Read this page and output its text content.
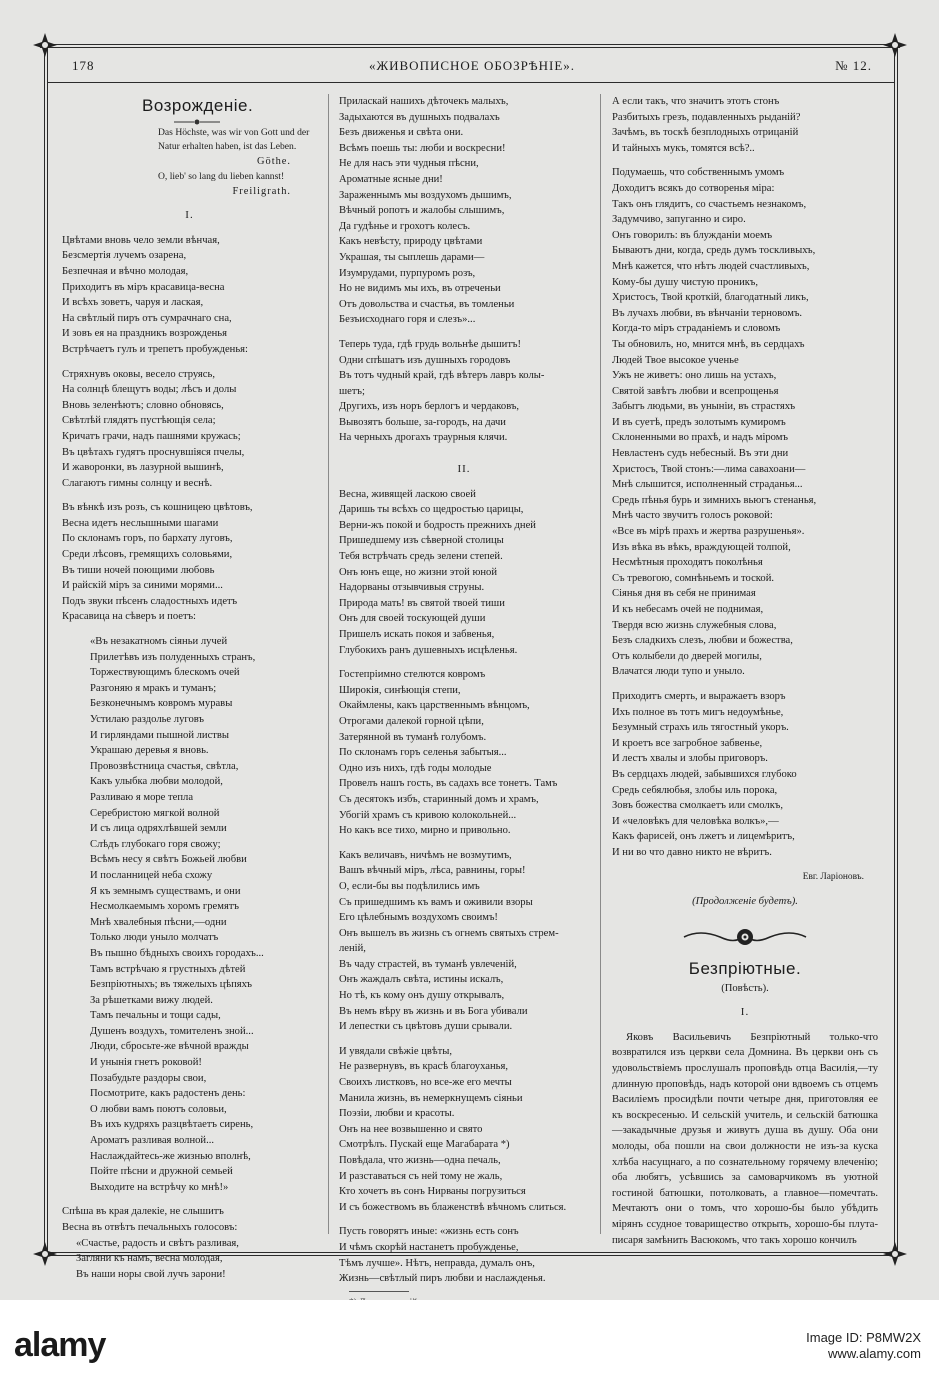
178	«ЖИВОПИСНОЕ ОБОЗРѢНІЕ».	№ 12.
Возрожденіе.
Das Höchste, was wir von Gott und der Natur erhalten haben, ist das Leben.
Göthe.
O, lieb' so lang du lieben kannst!
Freiligrath.
I.
Цвѣтами вновь чело земли вѣнчая,
Безсмертія лучемъ озарена,
Безпечная и вѣчно молодая,
Приходитъ въ міръ красавица-весна
И всѣхъ зоветъ, чаруя и лаская,
На свѣтлый пиръ отъ сумрачнаго сна,
И зовъ ея на праздникъ возрожденья
Встрѣчаетъ гулъ и трепетъ пробужденья:
Стряхнувъ оковы, весело струясь,
На солнцѣ блещутъ воды; лѣсъ и долы
Вновь зеленѣютъ; словно обновясь,
Свѣтлѣй глядятъ пустѣющія села;
Кричатъ грачи, надъ пашнями кружась;
Въ цвѣтахъ гудятъ проснувшіяся пчелы,
И жаворонки, въ лазурной вышинѣ,
Слагаютъ гимны солнцу и веснѣ.
Въ вѣнкѣ изъ розъ, съ кошницею цвѣтовъ,
Весна идетъ неслышными шагами
По склонамъ горъ, по бархату луговъ,
Среди лѣсовъ, гремящихъ соловьями,
Въ тиши ночей поющими любовь
И райскій міръ за синими морями...
Подъ звуки пѣсенъ сладостныхъ идетъ
Красавица на сѣверъ и поетъ:
«Въ незакатномъ сіяньи лучей
Прилетѣвъ изъ полуденныхъ странъ,
Торжествующимъ блескомъ очей
Разгоняю я мракъ и туманъ;
Безконечнымъ ковромъ муравы
Устилаю раздолье луговъ
И гирляндами пышной листвы
Украшаю деревья я вновь.
Провозвѣстница счастья, свѣтла,
Какъ улыбка любви молодой,
Разливаю я море тепла
Серебристою мягкой волной
И съ лица одряхлѣвшей земли
Слѣдъ глубокаго горя свожу;
Всѣмъ несу я свѣтъ Божьей любви
И посланницей неба схожу
Я къ земнымъ существамъ, и они
Несмолкаемымъ хоромъ гремятъ
Мнѣ хвалебныя пѣсни,—одни
Только люди уныло молчатъ
Въ пышно бѣдныхъ своихъ городахъ...
Тамъ встрѣчаю я грустныхъ дѣтей
Безпріютныхъ; въ тяжелыхъ цѣпяхъ
За рѣшетками вижу людей.
Тамъ печальны и тощи сады,
Душенъ воздухъ, томителенъ зной...
Люди, сбросьте-же вѣчной вражды
И унынія гнетъ роковой!
Позабудьте раздоры свои,
Посмотрите, какъ радостенъ день:
О любви вамъ поютъ соловьи,
Въ ихъ кудряхъ разцвѣтаетъ сирень,
Ароматъ разливая волной...
Наслаждайтесь-же жизнью вполнѣ,
Пойте пѣсни и дружной семьей
Выходите на встрѣчу ко мнѣ!»
Спѣша въ края далекіе, не слышитъ
Весна въ отвѣтъ печальныхъ голосовъ:
«Счастье, радость и свѣтъ разливая,
Загляни къ намъ, весна молодая,
Въ наши норы свой лучъ зарони!
Приласкай нашихъ дѣточекъ малыхъ,
Задыхаются въ душныхъ подвалахъ
Безъ движенья и свѣта они.
Всѣмъ поешь ты: люби и воскресни!
Не для насъ эти чудныя пѣсни,
Ароматные ясные дни!
Зараженнымъ мы воздухомъ дышимъ,
Вѣчный ропотъ и жалобы слышимъ,
Да гудѣнье и грохотъ колесъ.
Какъ невѣсту, природу цвѣтами
Украшая, ты сыплешь дарами—
Изумрудами, пурпуромъ розъ,
Но не видимъ мы ихъ, въ отреченьи
Отъ довольства и счастья, въ томленьи
Безъисходнаго горя и слезъ»...
Теперь туда, гдѣ грудь вольнѣе дышитъ!
Одни спѣшатъ изъ душныхъ городовъ
Въ тотъ чудный край, гдѣ вѣтеръ лавръ колы-
шетъ;
Другихъ, изъ норъ берлогъ и чердаковъ,
Вывозятъ больше, за-городъ, на дачи
На черныхъ дрогахъ траурныя клячи.
II.
Весна, живящей ласкою своей
Даришь ты всѣхъ со щедростью царицы,
Верни-жъ покой и бодрость прежнихъ дней
Пришедшему изъ сѣверной столицы
Тебя встрѣчать средь зелени степей.
Онъ юнъ еще, но жизни этой юной
Надорваны отзывчивыя струны.
Природа мать! въ святой твоей тиши
Онъ для своей тоскующей души
Пришелъ искать покоя и забвенья,
Глубокихъ ранъ душевныхъ исцѣленья.
Гостепріимно стелются ковромъ
Широкія, синѣющія степи,
Окаймлены, какъ царственнымъ вѣнцомъ,
Отрогами далекой горной цѣпи,
Затерянной въ туманѣ голубомъ.
По склонамъ горъ селенья забытыя...
Одно изъ нихъ, гдѣ годы молодые
Провелъ нашъ гость, въ садахъ все тонетъ. Тамъ
Съ десятокъ избъ, старинный домъ и храмъ,
Убогій храмъ съ кривою колокольней...
Но какъ все тихо, мирно и привольно.
Какъ величавъ, ничѣмъ не возмутимъ,
Вашъ вѣчный міръ, лѣса, равнины, горы!
О, если-бы вы подѣлились имъ
Съ пришедшимъ къ вамъ и оживили взоры
Его цѣлебнымъ воздухомъ своимъ!
Онъ вышелъ въ жизнь съ огнемъ святыхъ стрем-
леній,
Въ чаду страстей, въ туманѣ увлеченій,
Онъ жаждалъ свѣта, истины искалъ,
Но тѣ, къ кому онъ душу открывалъ,
Въ немъ вѣру въ жизнь и въ Бога убивали
И лепестки съ цвѣтовъ души срывали.
И увядали свѣжіе цвѣты,
Не развернувъ, въ красѣ благоуханья,
Своихъ листковъ, но все-же его мечты
Манила жизнь, въ немеркнущемъ сіяньи
Поэзіи, любви и красоты.
Онъ на нее возвышенно и свято
Смотрѣлъ. Пускай еще Магабарата *)
Повѣдала, что жизнь—одна печаль,
И разставаться съ ней тому не жаль,
Кто хочетъ въ сонъ Нирваны погрузиться
И съ божествомъ въ блаженствѣ вѣчномъ слиться.
Пусть говорятъ иные: «жизнь есть сонъ
И чѣмъ скорѣй настанетъ пробужденье,
Тѣмъ лучше». Нѣтъ, неправда, думалъ онъ,
Жизнь—свѣтлый пиръ любви и наслажденья.
А если такъ, что значитъ этотъ стонъ
Разбитыхъ грезъ, подавленныхъ рыданій?
Зачѣмъ, въ тоскѣ безплодныхъ отрицаній
И тайныхъ мукъ, томятся всѣ?..
Подумаешь, что собственнымъ умомъ
Доходитъ всякъ до сотворенья міра:
Такъ онъ глядитъ, со счастьемъ незнакомъ,
Задумчиво, запуганно и сиро.
Онъ говорилъ: въ блужданіи моемъ
Бываютъ дни, когда, средь думъ тоскливыхъ,
Мнѣ кажется, что нѣтъ людей счастливыхъ,
Кому-бы душу чистую проникъ,
Христосъ, Твой кроткій, благодатный ликъ,
Въ лучахъ любви, въ вѣнчаніи терновомъ.
Когда-то міръ страданіемъ и словомъ
Ты обновилъ, но, мнится мнѣ, въ сердцахъ
Людей Твое высокое ученье
Ужъ не живетъ: оно лишь на устахъ,
Святой завѣтъ любви и всепрощенья
Забытъ людьми, въ уныніи, въ страстяхъ
И въ суетѣ, предъ золотымъ кумиромъ
Склоненными во прахѣ, и надъ міромъ
Невластенъ судъ небесный. Въ эти дни
Христосъ, Твой стонъ:—лима савахоани—
Мнѣ слышится, исполненный страданья...
Средь пѣнья бурь и зимнихъ вьюгъ стенанья,
Мнѣ часто звучитъ голосъ роковой:
«Все въ мірѣ прахъ и жертва разрушенья».
Изъ вѣка въ вѣкъ, враждующей толпой,
Несмѣтныя проходятъ поколѣнья
Съ тревогою, сомнѣньемъ и тоской.
Сіянья дня въ себя не принимая
И къ небесамъ очей не поднимая,
Твердя всю жизнь служебныя слова,
Безъ сладкихъ слезъ, любви и божества,
Отъ колыбели до дверей могилы,
Влачатся люди тупо и уныло.
Приходитъ смерть, и выражаетъ взоръ
Ихъ полное въ тотъ мигъ недоумѣнье,
Безумный страхъ иль тягостный укоръ.
И кроетъ все загробное забвенье,
И лестъ хвалы и злобы приговоръ.
Въ сердцахъ людей, забывшихся глубоко
Средь себялюбья, злобы иль порока,
Зовъ божества смолкаетъ или смолкъ,
И «человѣкъ для человѣка волкъ»,—
Какъ фарисей, онъ лжетъ и лицемѣритъ,
И ни во что давно никто не вѣритъ.
Евг. Ларіоновъ.
(Продолженіе будетъ).
Безпріютные.
(Повѣсть).
I.
Яковъ Васильевичъ Безпріютный только-что возвратился изъ церкви села Домнина. Въ церкви онъ съ удовольствіемъ прослушалъ проповѣдь отца Василія,—ту длинную проповѣдь, надъ которой они вдвоемъ съ отцемъ Василіемъ просидѣли почти четыре дня, приготовляя ее къ воскресенью. И сельскій учитель, и сельскій батюшка—закадычные друзья и живутъ душа въ душу. Оба они молоды, оба пошли на свои должности не изъ-за куска хлѣба насущнаго, а по сознательному горячему влеченію; оба любятъ, усѣвшись за самоварчикомъ въ уютной гостиной батюшки, потолковать, а главное—помечтать. Мечтаютъ они о томъ, что хорошо-бы было убѣдить мірянъ ссудное товарищество открыть, хорошо-бы плута-писаря замѣнить Васюкомъ, что такъ хорошо кончилъ
alamy	Image ID: P8MW2X
www.alamy.com
